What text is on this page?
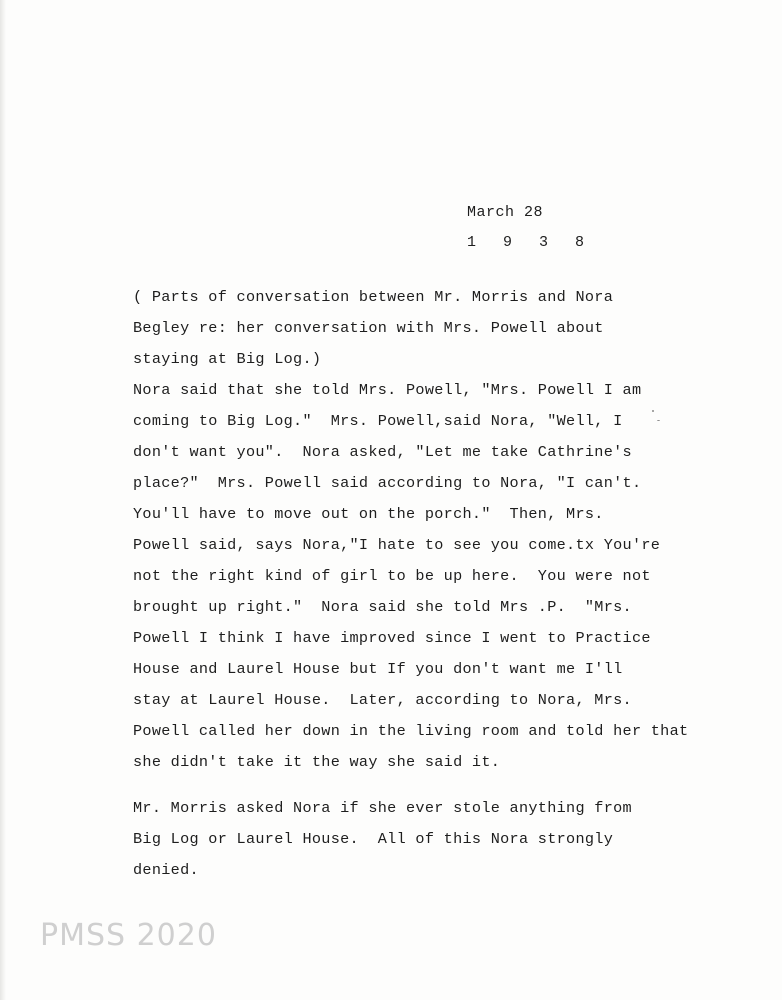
March 28
1 9 3 8
( Parts of conversation between Mr. Morris and Nora
Begley re: her conversation with Mrs. Powell about
staying at Big Log.)
Nora said that she told Mrs. Powell, "Mrs. Powell I am
coming to Big Log."  Mrs. Powell,said Nora, "Well, I
don't want you".  Nora asked, "Let me take Cathrine's
place?"  Mrs. Powell said according to Nora, "I can't.
You'll have to move out on the porch."  Then, Mrs.
Powell said, says Nora,"I hate to see you come.tx You're
not the right kind of girl to be up here.  You were not
brought up right."  Nora said she told Mrs .P.  "Mrs.
Powell I think I have improved since I went to Practice
House and Laurel House but If you don't want me I'll
stay at Laurel House.  Later, according to Nora, Mrs.
Powell called her down in the living room and told her that
she didn't take it the way she said it.
Mr. Morris asked Nora if she ever stole anything from
Big Log or Laurel House.  All of this Nora strongly
denied.
PMSS 2020
